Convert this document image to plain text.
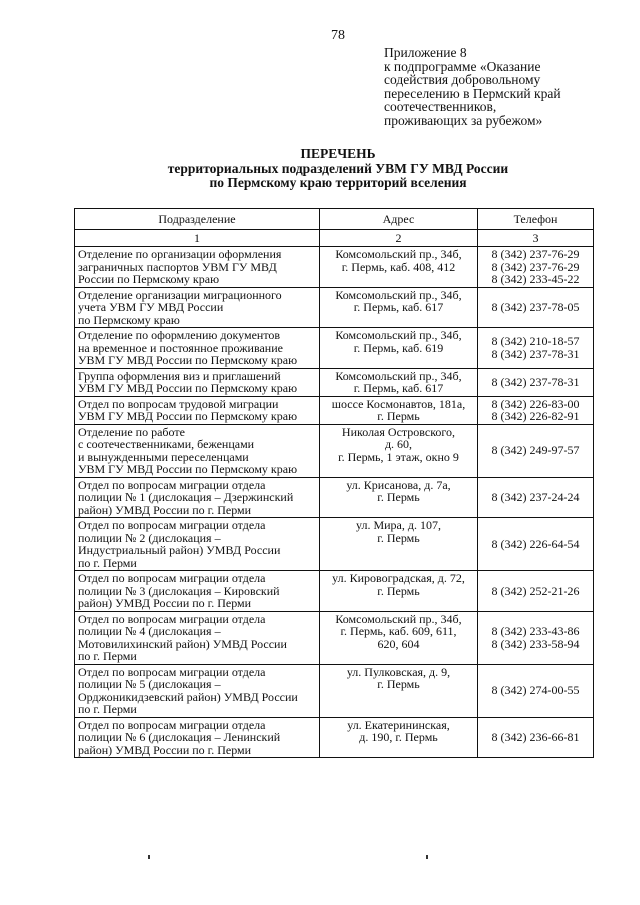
78
Приложение 8
к подпрограмме «Оказание
содействия добровольному
переселению в Пермский край
соотечественников,
проживающих за рубежом»
ПЕРЕЧЕНЬ
территориальных подразделений УВМ ГУ МВД России
по Пермскому краю территорий вселения
Подразделение	Адрес	Телефон
1	2	3

Отделение по организации оформления
заграничных паспортов УВМ ГУ МВД
России по Пермскому краю	Комсомольский пр., 34б,
г. Пермь, каб. 408, 412	8 (342) 237-76-29
8 (342) 237-76-29
8 (342) 233-45-22

Отделение организации миграционного
учета УВМ ГУ МВД России
по Пермскому краю	Комсомольский пр., 34б,
г. Пермь, каб. 617	8 (342) 237-78-05

Отделение по оформлению документов
на временное и постоянное проживание
УВМ ГУ МВД России по Пермскому краю	Комсомольский пр., 34б,
г. Пермь, каб. 619	8 (342) 210-18-57
8 (342) 237-78-31

Группа оформления виз и приглашений
УВМ ГУ МВД России по Пермскому краю	Комсомольский пр., 34б,
г. Пермь, каб. 617	8 (342) 237-78-31

Отдел по вопросам трудовой миграции
УВМ ГУ МВД России по Пермскому краю	шоссе Космонавтов, 181а,
г. Пермь	8 (342) 226-83-00
8 (342) 226-82-91

Отделение по работе
с соотечественниками, беженцами
и вынужденными переселенцами
УВМ ГУ МВД России по Пермскому краю	Николая Островского,
д. 60,
г. Пермь, 1 этаж, окно 9	8 (342) 249-97-57

Отдел по вопросам миграции отдела
полиции № 1 (дислокация – Дзержинский
район) УМВД России по г. Перми	ул. Крисанова, д. 7а,
г. Пермь	8 (342) 237-24-24

Отдел по вопросам миграции отдела
полиции № 2 (дислокация –
Индустриальный район) УМВД России
по г. Перми	ул. Мира, д. 107,
г. Пермь	8 (342) 226-64-54

Отдел по вопросам миграции отдела
полиции № 3 (дислокация – Кировский
район) УМВД России по г. Перми	ул. Кировоградская, д. 72,
г. Пермь	8 (342) 252-21-26

Отдел по вопросам миграции отдела
полиции № 4 (дислокация –
Мотовилихинский район) УМВД России
по г. Перми	Комсомольский пр., 34б,
г. Пермь, каб. 609, 611,
620, 604	8 (342) 233-43-86
8 (342) 233-58-94

Отдел по вопросам миграции отдела
полиции № 5 (дислокация –
Орджоникидзевский район) УМВД России
по г. Перми	ул. Пулковская, д. 9,
г. Пермь	8 (342) 274-00-55

Отдел по вопросам миграции отдела
полиции № 6 (дислокация – Ленинский
район) УМВД России по г. Перми	ул. Екатерининская,
д. 190, г. Пермь	8 (342) 236-66-81
